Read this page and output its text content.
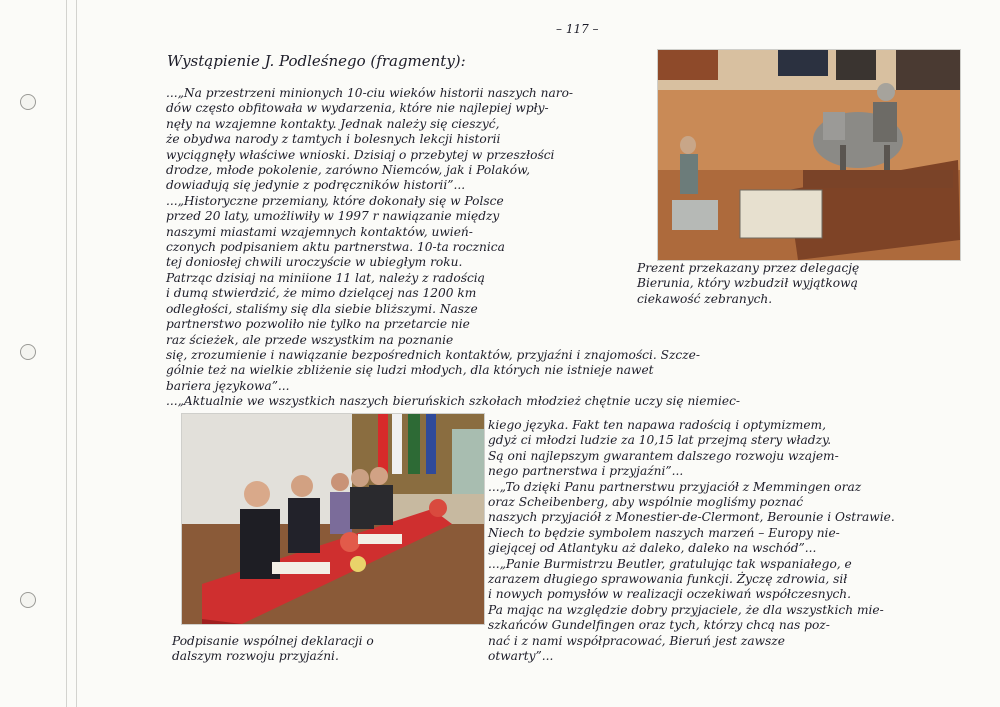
– 117 –
Wystąpienie J. Podleśnego (fragmenty):

...„Na przestrzeni minionych 10-ciu wieków historii naszych naro-
dów często obfitowała w wydarzenia, które nie najlepiej wpły-
nęły na wzajemne kontakty. Jednak należy się cieszyć,
że obydwa narody z tamtych i bolesnych lekcji historii
wyciągnęły właściwe wnioski. Dzisiaj o przebytej w przeszłości
drodze, młode pokolenie, zarówno Niemców, jak i Polaków,
dowiadują się jedynie z podręczników historii”...
...„Historyczne przemiany, które dokonały się w Polsce
przed 20 laty, umożliwiły w 1997 r nawiązanie między
naszymi miastami wzajemnych kontaktów, uwień-
czonych podpisaniem aktu partnerstwa. 10-ta rocznica
tej doniosłej chwili uroczyście w ubiegłym roku.
Patrząc dzisiaj na miniione 11 lat, należy z radością
i dumą stwierdzić, że mimo dzielącej nas 1200 km
odległości, staliśmy się dla siebie bliższymi. Nasze
partnerstwo pozwoliło nie tylko na przetarcie nie
raz ścieżek, ale przede wszystkim na poznanie
się, zrozumienie i nawiązanie bezpośrednich kontaktów, przyjaźni i znajomości. Szcze-
gólnie też na wielkie zbliżenie się ludzi młodych, dla których nie istnieje nawet
bariera językowa”...
...„Aktualnie we wszystkich naszych bieruńskich szkołach młodzież chętnie uczy się niemiec-

kiego języka. Fakt ten napawa radością i optymizmem,
gdyż ci młodzi ludzie za 10,15 lat przejmą stery władzy.
Są oni najlepszym gwarantem dalszego rozwoju wzajem-
nego partnerstwa i przyjaźni”...
...„To dzięki Panu partnerstwu przyjaciół z Memmingen oraz
oraz Scheibenberg, aby wspólnie mogliśmy poznać
naszych przyjaciół z Monestier-de-Clermont, Berounie i Ostrawie.
Niech to będzie symbolem naszych marzeń – Europy nie-
giejącej od Atlantyku aż daleko, daleko na wschód”...
...„Panie Burmistrzu Beutler, gratulując tak wspaniałego, e
zarazem długiego sprawowania funkcji. Życzę zdrowia, sił
i nowych pomysłów w realizacji oczekiwań współczesnych.
Pa mając na względzie dobry przyjaciele, że dla wszystkich mie-
szkańców Gundelfingen oraz tych, którzy chcą nas poz-
nać i z nami współpracować, Bieruń jest zawsze
otwarty”...

Prezent przekazany przez delegację
Bierunia, który wzbudził wyjątkową
ciekawość zebranych.

Podpisanie wspólnej deklaracji o
dalszym rozwoju przyjaźni.
